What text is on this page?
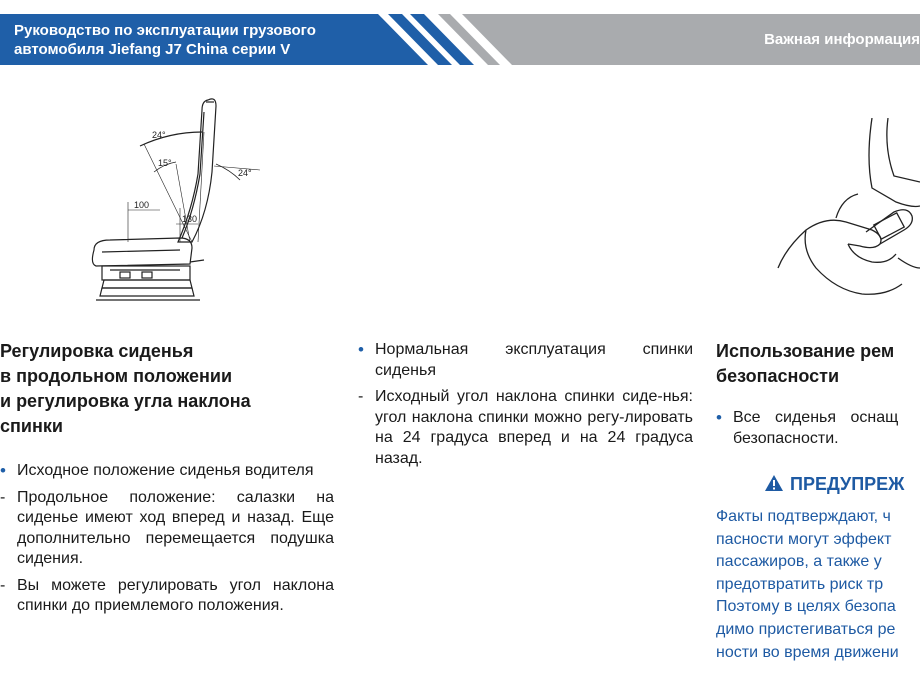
Руководство по эксплуатации грузового
автомобиля Jiefang J7 China серии V
Важная информация
24°
15°
24°
100
130
Регулировка сиденья
в продольном положении
и регулировка угла наклона
спинки
• Исходное положение сиденья водителя
- Продольное положение: салазки на сиденье имеют ход вперед и назад. Еще дополнительно перемещается подушка сидения.
- Вы можете регулировать угол наклона спинки до приемлемого положения.
• Нормальная эксплуатация спинки сиденья
- Исходный угол наклона спинки сиде-нья: угол наклона спинки можно регу-лировать на 24 градуса вперед и на 24 градуса назад.
Использование рем
безопасности
• Все сиденья оснащ
безопасности.
ПРЕДУПРЕЖ
Факты подтверждают, ч
пасности могут эффект
пассажиров, а также у
предотвратить риск тр
Поэтому в целях безопа
димо пристегиваться ре
ности во время движени
